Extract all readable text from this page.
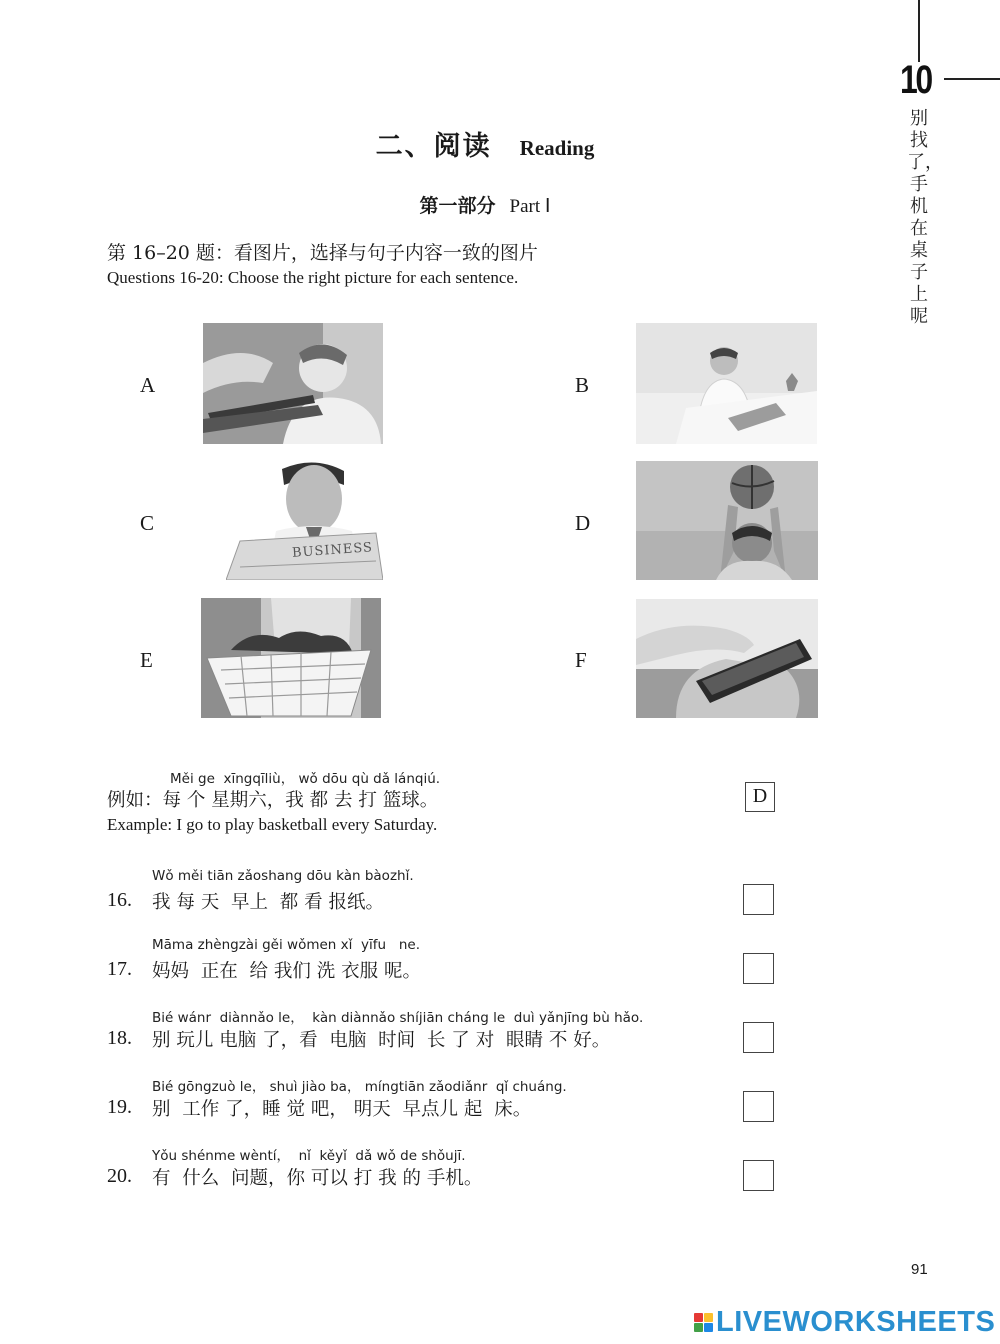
10
别找了，手机在桌子上呢
二、阅读 Reading
第一部分 Part Ⅰ
第 16–20 题：看图片，选择与句子内容一致的图片
Questions 16-20: Choose the right picture for each sentence.
A	B
C
BUSINESS
D
E	F
Měi ge  xīngqīliù， wǒ dōu qù dǎ lánqiú.
例如：每 个 星期六，我 都 去 打 篮球。
Example: I go to play basketball every Saturday.
D
Wǒ měi tiān zǎoshang dōu kàn bàozhǐ.
16. 我 每 天  早上  都 看 报纸。
Māma zhèngzài gěi wǒmen xǐ  yīfu   ne.
17. 妈妈  正在  给 我们 洗 衣服 呢。
Bié wánr  diànnǎo le，  kàn diànnǎo shíjiān cháng le  duì yǎnjīng bù hǎo.
18. 别 玩儿 电脑 了，看  电脑  时间  长 了 对  眼睛 不 好。
Bié gōngzuò le， shuì jiào ba， míngtiān zǎodiǎnr  qǐ chuáng.
19. 别  工作 了，睡 觉 吧， 明天  早点儿 起  床。
Yǒu shénme wèntí，  nǐ  kěyǐ  dǎ wǒ de shǒujī.
20. 有  什么  问题，你 可以 打 我 的 手机。
91
LIVEWORKSHEETS
